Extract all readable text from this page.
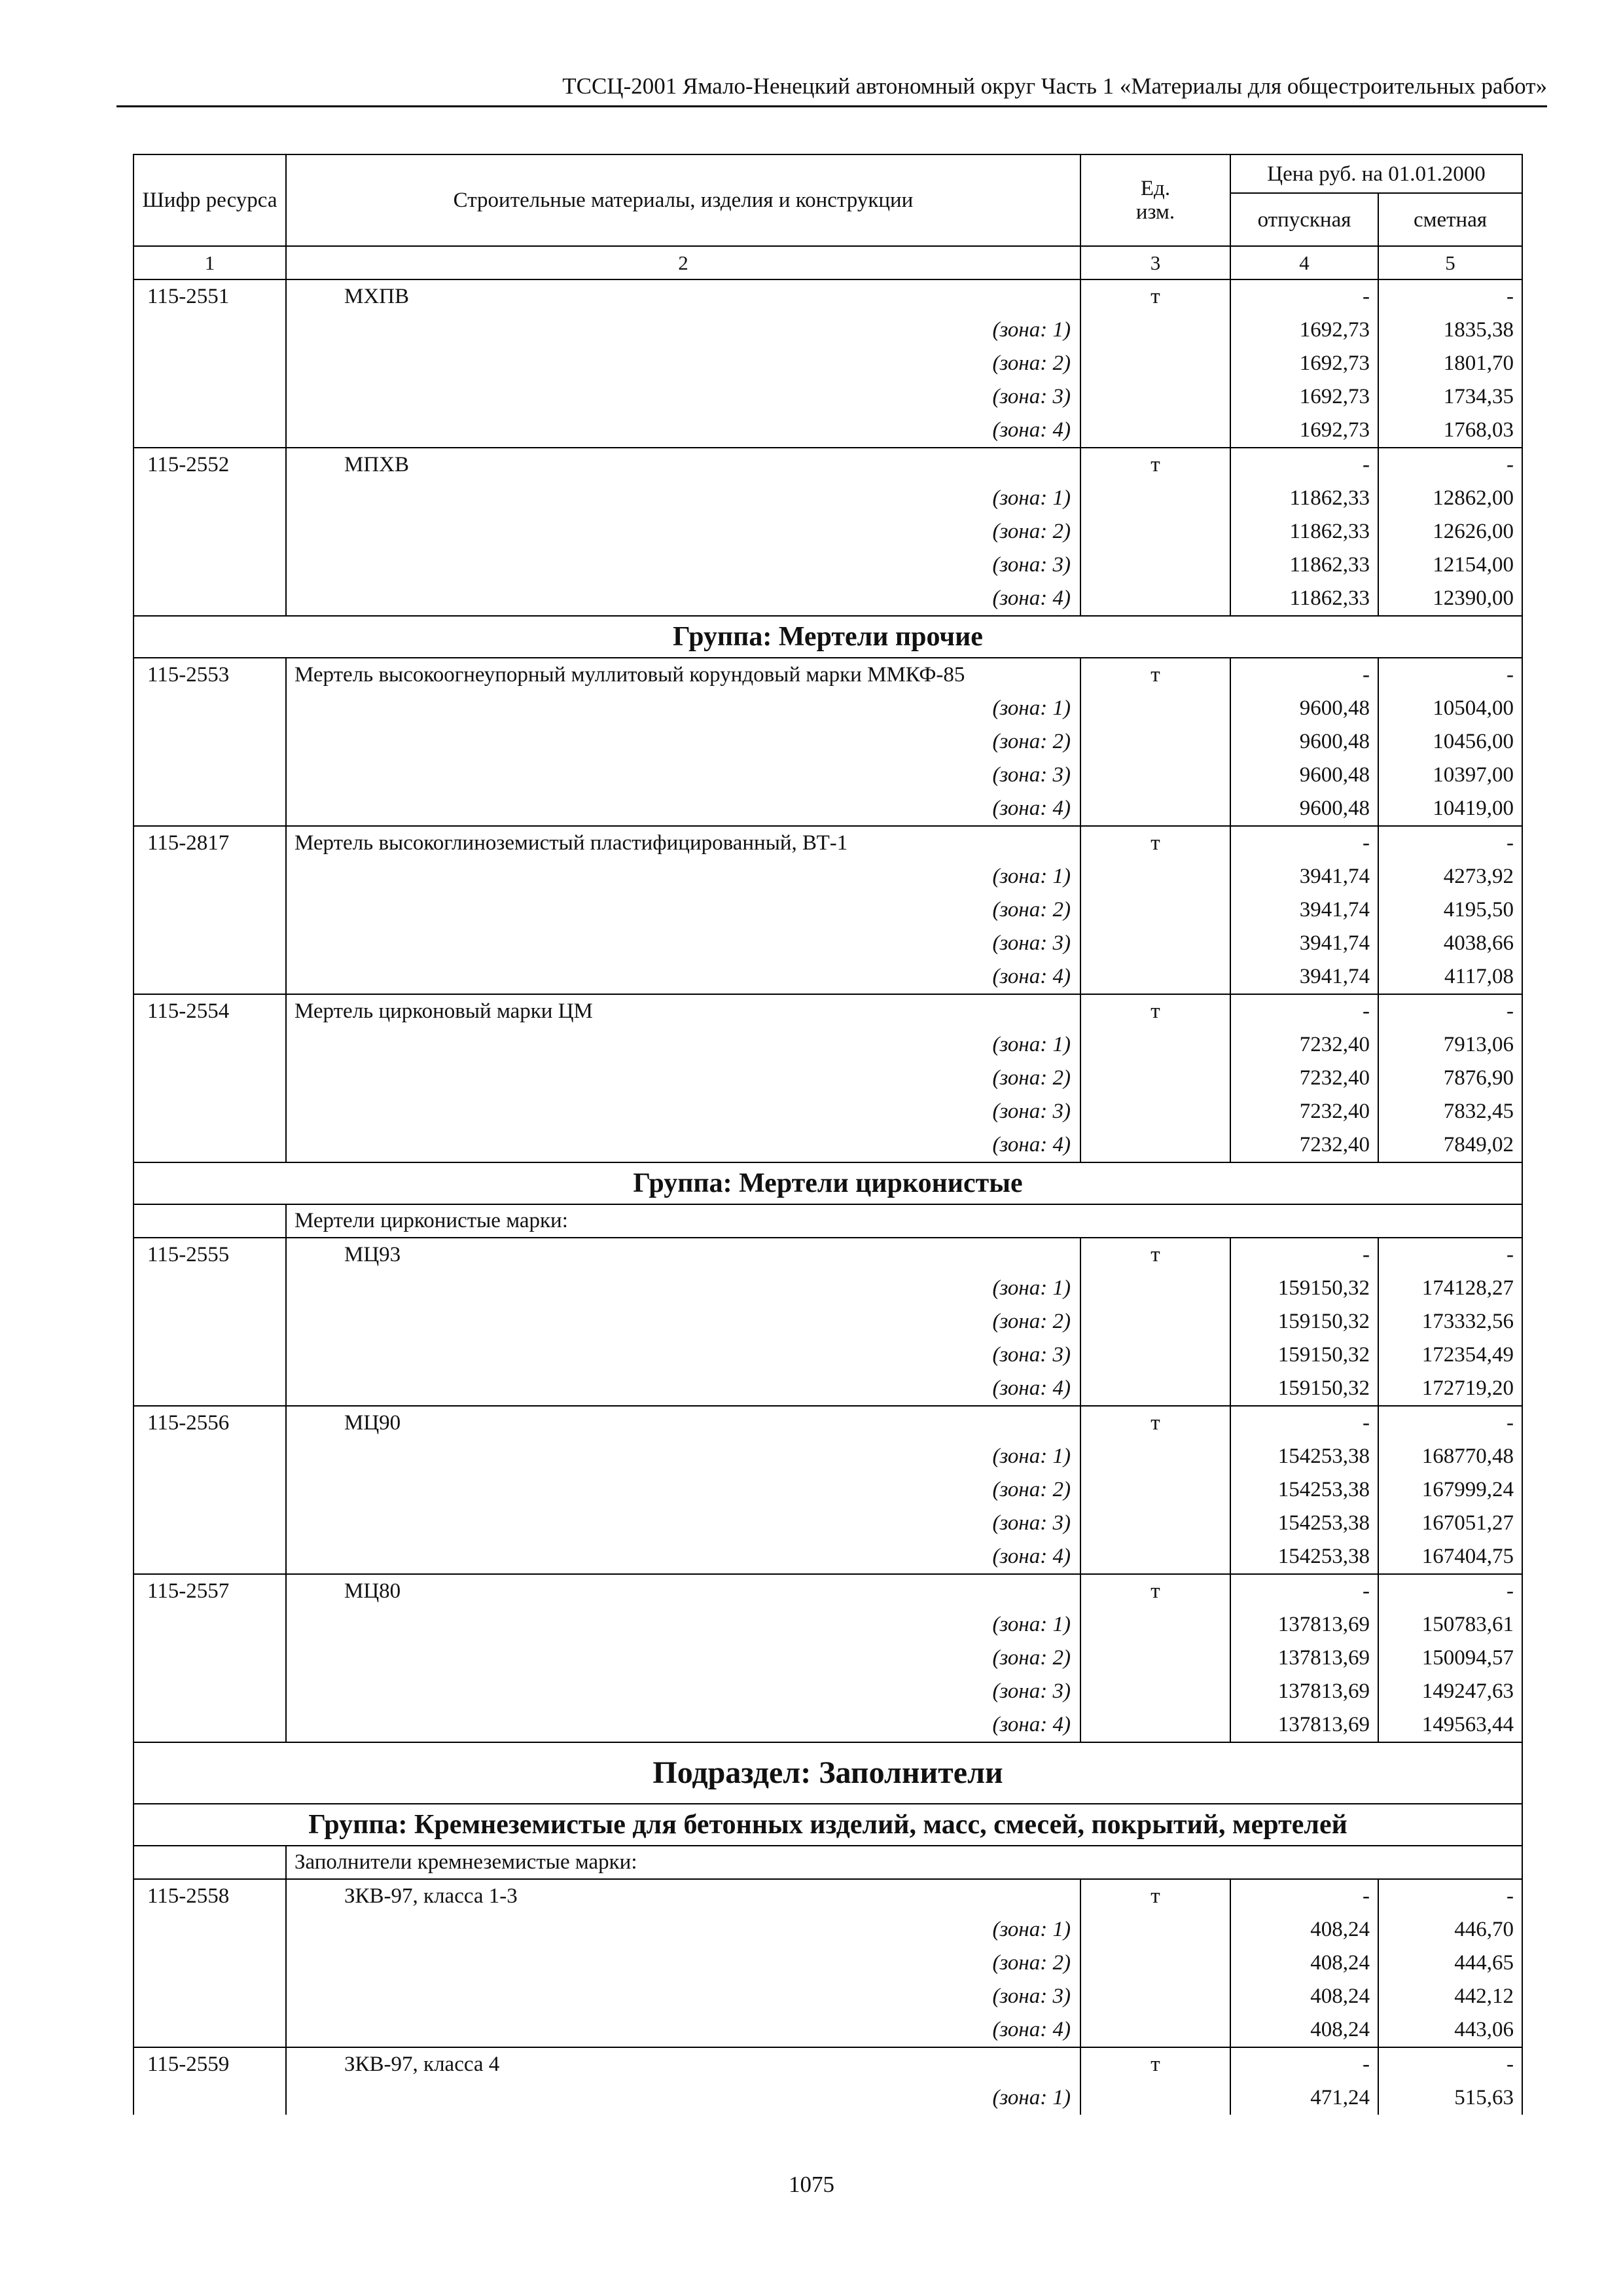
ТССЦ-2001 Ямало-Ненецкий автономный округ Часть 1 «Материалы для общестроительных работ»
Шифр ресурса	Строительные материалы, изделия и конструкции	Ед. изм.	Цена руб. на 01.01.2000	
			отпускная	сметная
1	2	3	4	5
115-2551	МХПВ	т	-	-
	(зона: 1)		1692,73	1835,38
	(зона: 2)		1692,73	1801,70
	(зона: 3)		1692,73	1734,35
	(зона: 4)		1692,73	1768,03
115-2552	МПХВ	т	-	-
	(зона: 1)		11862,33	12862,00
	(зона: 2)		11862,33	12626,00
	(зона: 3)		11862,33	12154,00
	(зона: 4)		11862,33	12390,00
Группа: Мертели прочие				
115-2553	Мертель высокоогнеупорный муллитовый корундовый марки ММКФ-85	т	-	-
	(зона: 1)		9600,48	10504,00
	(зона: 2)		9600,48	10456,00
	(зона: 3)		9600,48	10397,00
	(зона: 4)		9600,48	10419,00
115-2817	Мертель высокоглиноземистый пластифицированный, ВТ-1	т	-	-
	(зона: 1)		3941,74	4273,92
	(зона: 2)		3941,74	4195,50
	(зона: 3)		3941,74	4038,66
	(зона: 4)		3941,74	4117,08
115-2554	Мертель цирконовый марки ЦМ	т	-	-
	(зона: 1)		7232,40	7913,06
	(зона: 2)		7232,40	7876,90
	(зона: 3)		7232,40	7832,45
	(зона: 4)		7232,40	7849,02
Группа: Мертели цирконистые				
	Мертели цирконистые марки:			
115-2555	МЦ93	т	-	-
	(зона: 1)		159150,32	174128,27
	(зона: 2)		159150,32	173332,56
	(зона: 3)		159150,32	172354,49
	(зона: 4)		159150,32	172719,20
115-2556	МЦ90	т	-	-
	(зона: 1)		154253,38	168770,48
	(зона: 2)		154253,38	167999,24
	(зона: 3)		154253,38	167051,27
	(зона: 4)		154253,38	167404,75
115-2557	МЦ80	т	-	-
	(зона: 1)		137813,69	150783,61
	(зона: 2)		137813,69	150094,57
	(зона: 3)		137813,69	149247,63
	(зона: 4)		137813,69	149563,44
Подраздел: Заполнители				
Группа: Кремнеземистые для бетонных изделий, масс, смесей, покрытий, мертелей				
	Заполнители кремнеземистые марки:			
115-2558	ЗКВ-97, класса 1-3	т	-	-
	(зона: 1)		408,24	446,70
	(зона: 2)		408,24	444,65
	(зона: 3)		408,24	442,12
	(зона: 4)		408,24	443,06
115-2559	ЗКВ-97, класса 4	т	-	-
	(зона: 1)		471,24	515,63
1075
